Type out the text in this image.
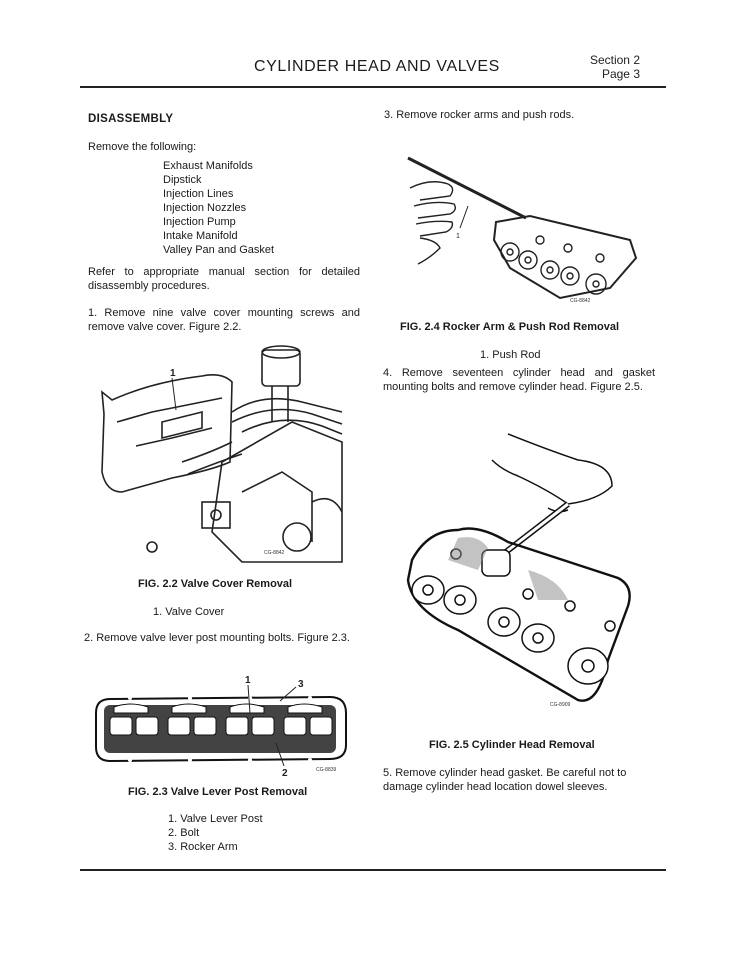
CYLINDER HEAD AND VALVES	Section 2
Page 3
DISASSEMBLY
Remove the following:
Exhaust Manifolds
Dipstick
Injection Lines
Injection Nozzles
Injection Pump
Intake Manifold
Valley Pan and Gasket
Refer to appropriate manual section for detailed disassembly procedures.
1. Remove nine valve cover mounting screws and remove valve cover. Figure 2.2.
1
CG-8842
FIG. 2.2 Valve Cover Removal
1. Valve Cover
2. Remove valve lever post mounting bolts. Figure 2.3.
1	3
2	CG-8839
FIG. 2.3 Valve Lever Post Removal
1. Valve Lever Post
2. Bolt
3. Rocker Arm
3. Remove rocker arms and push rods.
1
CG-8842
FIG. 2.4 Rocker Arm & Push Rod Removal
1. Push Rod
4. Remove seventeen cylinder head and gasket mounting bolts and remove cylinder head. Figure 2.5.
CG-8909
FIG. 2.5 Cylinder Head Removal
5. Remove cylinder head gasket. Be careful not to damage cylinder head location dowel sleeves.
